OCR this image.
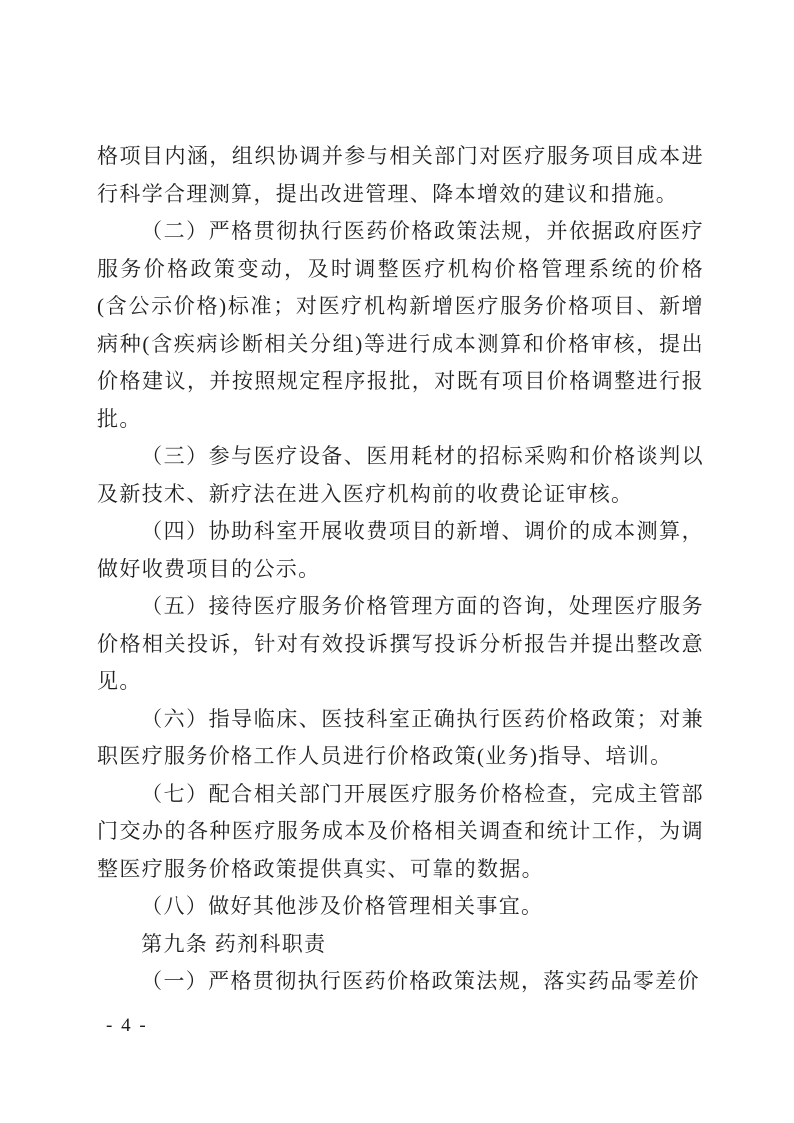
格项目内涵，组织协调并参与相关部门对医疗服务项目成本进行科学合理测算，提出改进管理、降本增效的建议和措施。

（二）严格贯彻执行医药价格政策法规，并依据政府医疗服务价格政策变动，及时调整医疗机构价格管理系统的价格(含公示价格)标准；对医疗机构新增医疗服务价格项目、新增病种(含疾病诊断相关分组)等进行成本测算和价格审核，提出价格建议，并按照规定程序报批，对既有项目价格调整进行报批。

（三）参与医疗设备、医用耗材的招标采购和价格谈判以及新技术、新疗法在进入医疗机构前的收费论证审核。

（四）协助科室开展收费项目的新增、调价的成本测算，做好收费项目的公示。

（五）接待医疗服务价格管理方面的咨询，处理医疗服务价格相关投诉，针对有效投诉撰写投诉分析报告并提出整改意见。

（六）指导临床、医技科室正确执行医药价格政策；对兼职医疗服务价格工作人员进行价格政策(业务)指导、培训。

（七）配合相关部门开展医疗服务价格检查，完成主管部门交办的各种医疗服务成本及价格相关调查和统计工作，为调整医疗服务价格政策提供真实、可靠的数据。

（八）做好其他涉及价格管理相关事宜。

第九条 药剂科职责

（一）严格贯彻执行医药价格政策法规，落实药品零差价

- 4 -
